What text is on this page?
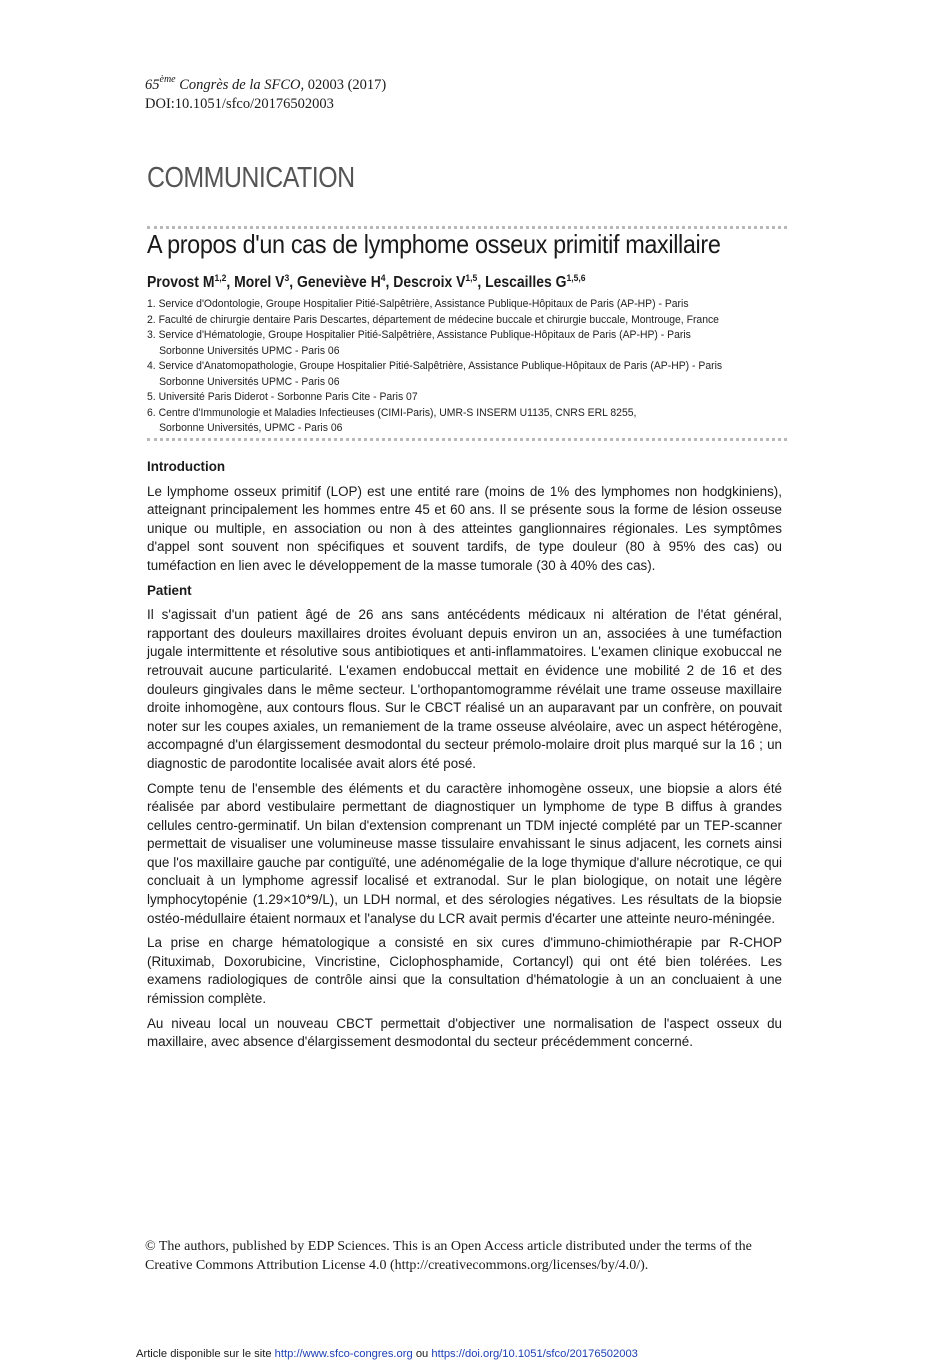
65ème Congrès de la SFCO, 02003 (2017)
DOI:10.1051/sfco/20176502003
COMMUNICATION
A propos d'un cas de lymphome osseux primitif maxillaire
Provost M$^{1,2}$, Morel $V^3$, Geneviève $H^4$, Descroix V$^{1,5}$, Lescailles G$^{1,5,6}$
1. Service d'Odontologie, Groupe Hospitalier Pitié-Salpêtrière, Assistance Publique-Hôpitaux de Paris (AP-HP) - Paris
2. Faculté de chirurgie dentaire Paris Descartes, département de médecine buccale et chirurgie buccale, Montrouge, France
3. Service d'Hématologie, Groupe Hospitalier Pitié-Salpêtrière, Assistance Publique-Hôpitaux de Paris (AP-HP) - Paris
Sorbonne Universités UPMC - Paris 06
4. Service d'Anatomopathologie, Groupe Hospitalier Pitié-Salpêtrière, Assistance Publique-Hôpitaux de Paris (AP-HP) - Paris
Sorbonne Universités UPMC - Paris 06
5. Université Paris Diderot - Sorbonne Paris Cite - Paris 07
6. Centre d'Immunologie et Maladies Infectieuses (CIMI-Paris), UMR-S INSERM U1135, CNRS ERL 8255,
Sorbonne Universités, UPMC - Paris 06
Introduction

Le lymphome osseux primitif (LOP) est une entité rare (moins de 1% des lymphomes non hodgkiniens), atteignant principalement les hommes entre 45 et 60 ans. Il se présente sous la forme de lésion osseuse unique ou multiple, en association ou non à des atteintes ganglionnaires régionales. Les symptômes d'appel sont souvent non spécifiques et souvent tardifs, de type douleur (80 à 95% des cas) ou tuméfaction en lien avec le développement de la masse tumorale (30 à 40% des cas).

Patient

Il s'agissait d'un patient âgé de 26 ans sans antécédents médicaux ni altération de l'état général, rapportant des douleurs maxillaires droites évoluant depuis environ un an, associées à une tuméfaction jugale intermittente et résolutive sous antibiotiques et anti-inflammatoires. L'examen clinique exobuccal ne retrouvait aucune particularité. L'examen endobuccal mettait en évidence une mobilité 2 de 16 et des douleurs gingivales dans le même secteur. L'orthopantomogramme révélait une trame osseuse maxillaire droite inhomogène, aux contours flous. Sur le CBCT réalisé un an auparavant par un confrère, on pouvait noter sur les coupes axiales, un remaniement de la trame osseuse alvéolaire, avec un aspect hétérogène, accompagné d'un élargissement desmodontal du secteur prémolo-molaire droit plus marqué sur la 16 ; un diagnostic de parodontite localisée avait alors été posé.

Compte tenu de l'ensemble des éléments et du caractère inhomogène osseux, une biopsie a alors été réalisée par abord vestibulaire permettant de diagnostiquer un lymphome de type B diffus à grandes cellules centro-germinatif. Un bilan d'extension comprenant un TDM injecté complété par un TEP-scanner permettait de visualiser une volumineuse masse tissulaire envahissant le sinus adjacent, les cornets ainsi que l'os maxillaire gauche par contiguïté, une adénomégalie de la loge thymique d'allure nécrotique, ce qui concluait à un lymphome agressif localisé et extranodal. Sur le plan biologique, on notait une légère lymphocytopénie (1.29×10*9/L), un LDH normal, et des sérologies négatives. Les résultats de la biopsie ostéo-médullaire étaient normaux et l'analyse du LCR avait permis d'écarter une atteinte neuro-méningée.

La prise en charge hématologique a consisté en six cures d'immuno-chimiothérapie par R-CHOP (Rituximab, Doxorubicine, Vincristine, Ciclophosphamide, Cortancyl) qui ont été bien tolérées. Les examens radiologiques de contrôle ainsi que la consultation d'hématologie à un an concluaient à une rémission complète.

Au niveau local un nouveau CBCT permettait d'objectiver une normalisation de l'aspect osseux du maxillaire, avec absence d'élargissement desmodontal du secteur précédemment concerné.

© The authors, published by EDP Sciences. This is an Open Access article distributed under the terms of the Creative Commons Attribution License 4.0 (http://creativecommons.org/licenses/by/4.0/).
Article disponible sur le site http://www.sfco-congres.org ou https://doi.org/10.1051/sfco/20176502003
